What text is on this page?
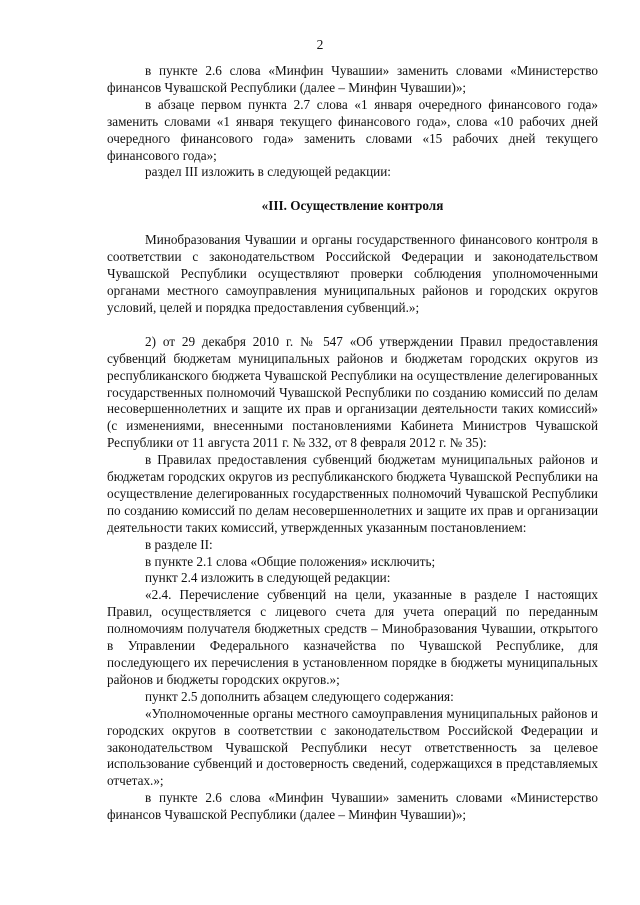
2

в пункте 2.6 слова «Минфин Чувашии» заменить словами «Министерство финансов Чувашской Республики (далее – Минфин Чувашии)»;

в абзаце первом пункта 2.7 слова «1 января очередного финансового года» заменить словами «1 января текущего финансового года», слова «10 рабочих дней очередного финансового года» заменить словами «15 рабочих дней текущего финансового года»;

раздел III изложить в следующей редакции:

«III. Осуществление контроля

Минобразования Чувашии и органы государственного финансового контроля в соответствии с законодательством Российской Федерации и законодательством Чувашской Республики осуществляют проверки соблюдения уполномоченными органами местного самоуправления муниципальных районов и городских округов условий, целей и порядка предоставления субвенций.»;

2) от 29 декабря 2010 г. № 547 «Об утверждении Правил предоставления субвенций бюджетам муниципальных районов и бюджетам городских округов из республиканского бюджета Чувашской Республики на осуществление делегированных государственных полномочий Чувашской Республики по созданию комиссий по делам несовершеннолетних и защите их прав и организации деятельности таких комиссий» (с изменениями, внесенными постановлениями Кабинета Министров Чувашской Республики от 11 августа 2011 г. № 332, от 8 февраля 2012 г. № 35):

в Правилах предоставления субвенций бюджетам муниципальных районов и бюджетам городских округов из республиканского бюджета Чувашской Республики на осуществление делегированных государственных полномочий Чувашской Республики по созданию комиссий по делам несовершеннолетних и защите их прав и организации деятельности таких комиссий, утвержденных указанным постановлением:

в разделе II:

в пункте 2.1 слова «Общие положения» исключить;

пункт 2.4 изложить в следующей редакции:

«2.4. Перечисление субвенций на цели, указанные в разделе I настоящих Правил, осуществляется с лицевого счета для учета операций по переданным полномочиям получателя бюджетных средств – Минобразования Чувашии, открытого в Управлении Федерального казначейства по Чувашской Республике, для последующего их перечисления в установленном порядке в бюджеты муниципальных районов и бюджеты городских округов.»;

пункт 2.5 дополнить абзацем следующего содержания:

«Уполномоченные органы местного самоуправления муниципальных районов и городских округов в соответствии с законодательством Российской Федерации и законодательством Чувашской Республики несут ответственность за целевое использование субвенций и достоверность сведений, содержащихся в представляемых отчетах.»;

в пункте 2.6 слова «Минфин Чувашии» заменить словами «Министерство финансов Чувашской Республики (далее – Минфин Чувашии)»;
